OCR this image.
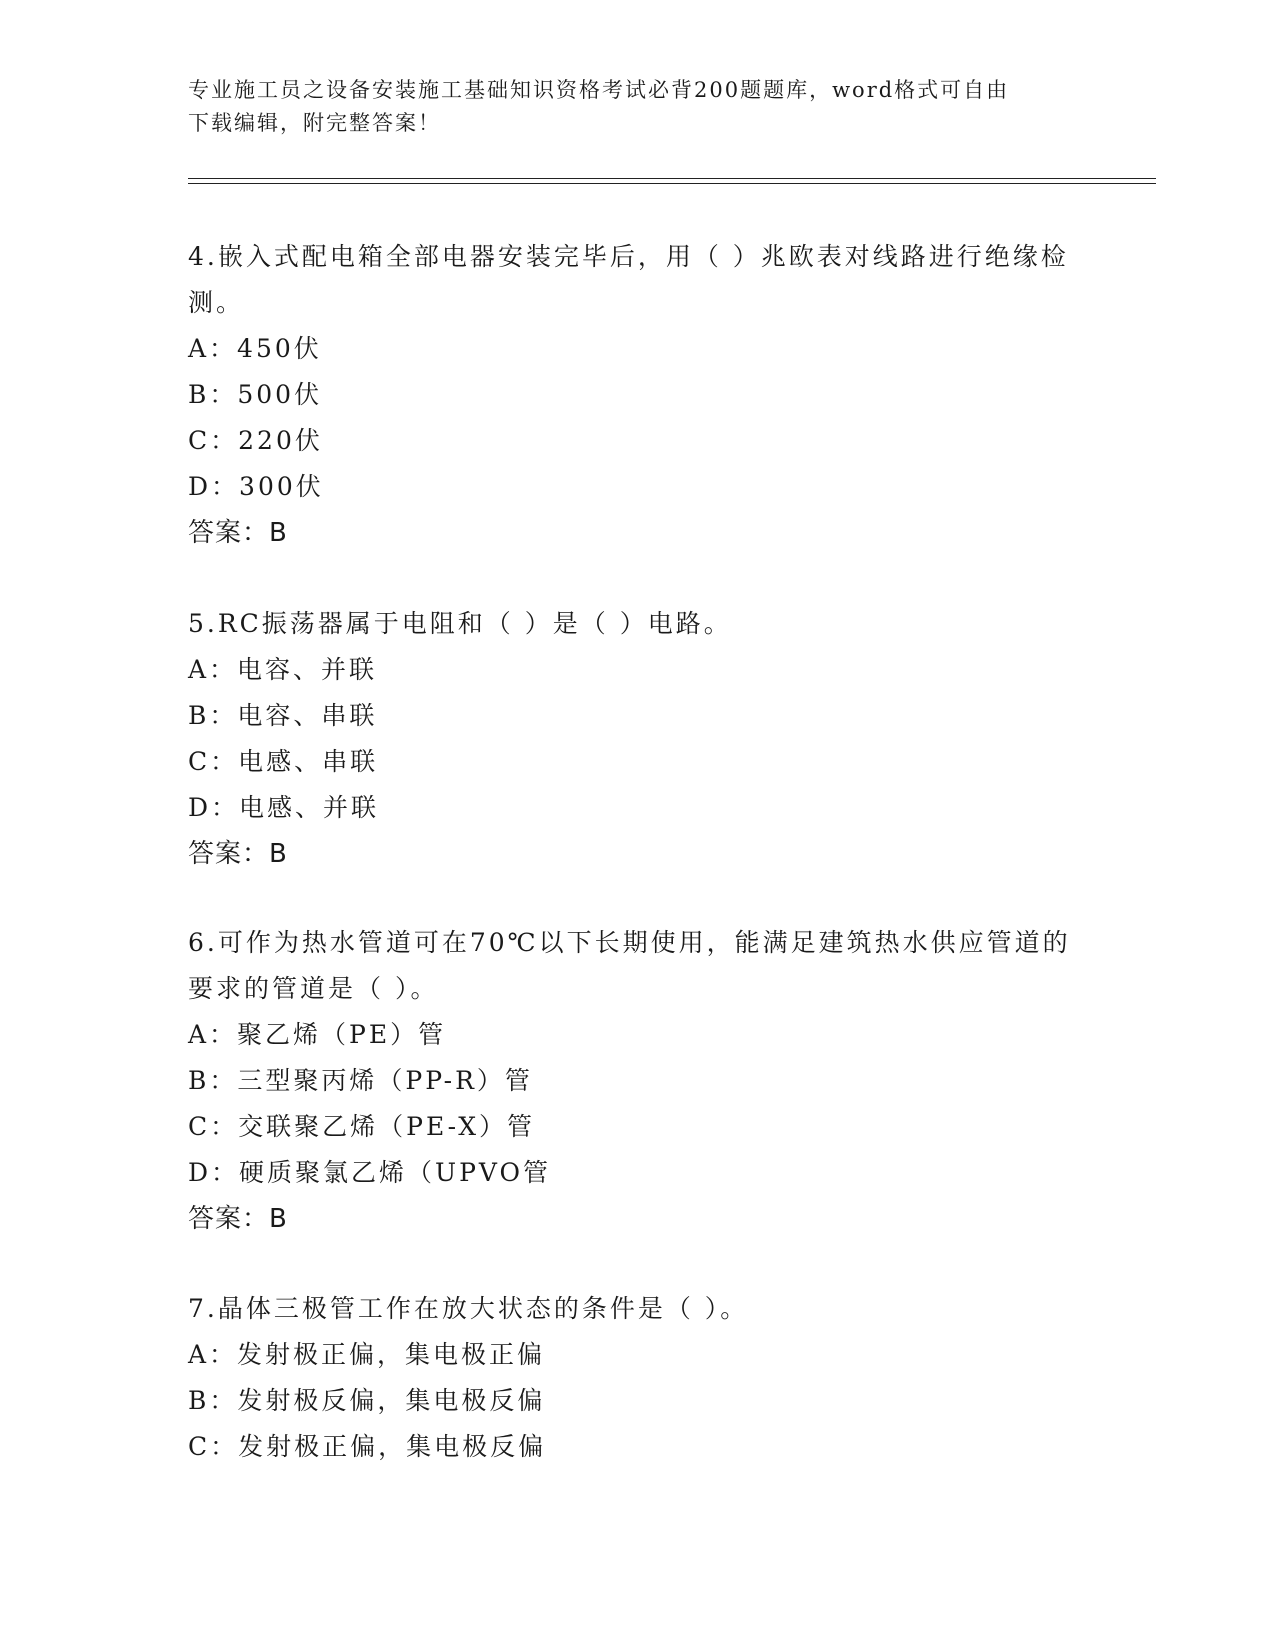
专业施工员之设备安装施工基础知识资格考试必背200题题库，word格式可自由
下载编辑，附完整答案！

4.嵌入式配电箱全部电器安装完毕后，用（ ）兆欧表对线路进行绝缘检测。

A：450伏

B：500伏

C：220伏

D：300伏

答案：B

5.RC振荡器属于电阻和（ ）是（ ）电路。

A：电容、并联

B：电容、串联

C：电感、串联

D：电感、并联

答案：B

6.可作为热水管道可在70℃以下长期使用，能满足建筑热水供应管道的要求的管道是（ ）。

A：聚乙烯（PE）管

B：三型聚丙烯（PP-R）管

C：交联聚乙烯（PE-X）管

D：硬质聚氯乙烯（UPVO管

答案：B

7.晶体三极管工作在放大状态的条件是（ ）。

A：发射极正偏，集电极正偏

B：发射极反偏，集电极反偏

C：发射极正偏，集电极反偏
